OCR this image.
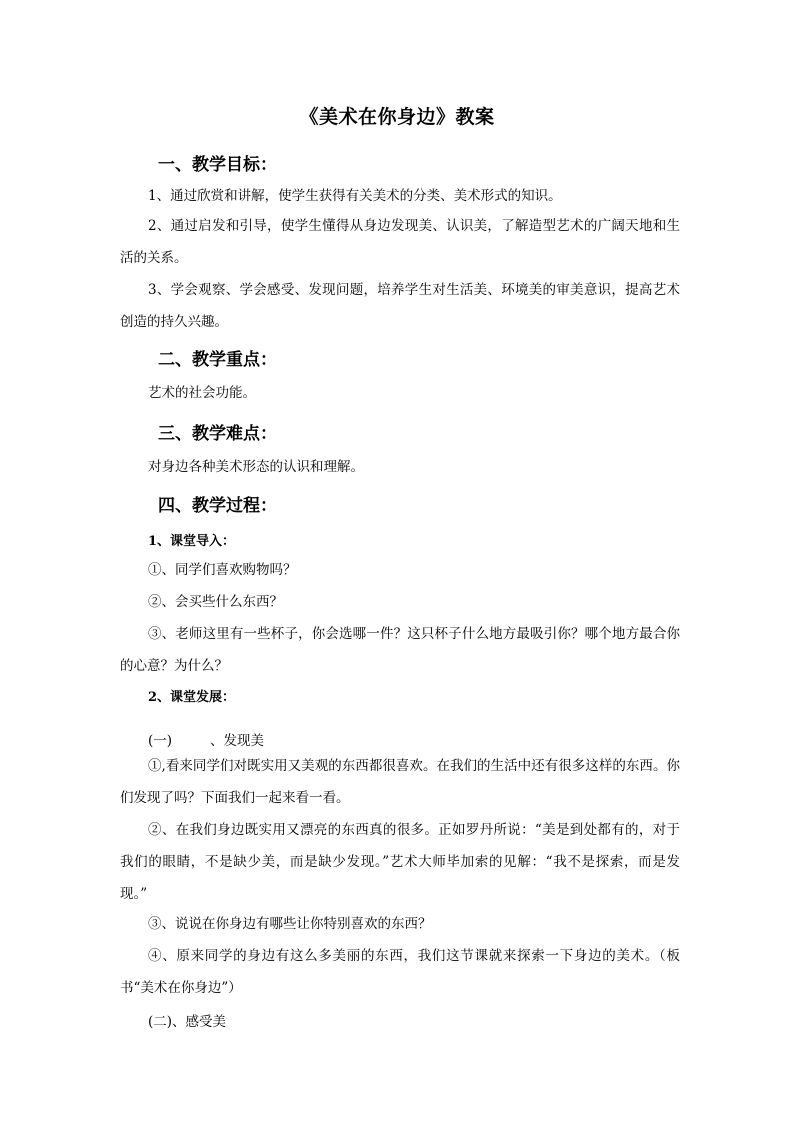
《美术在你身边》教案
一、教学目标：
1、通过欣赏和讲解，使学生获得有关美术的分类、美术形式的知识。
2、通过启发和引导，使学生懂得从身边发现美、认识美，了解造型艺术的广阔天地和生活的关系。
3、学会观察、学会感受、发现问题，培养学生对生活美、环境美的审美意识，提高艺术创造的持久兴趣。
二、教学重点：
艺术的社会功能。
三、教学难点：
对身边各种美术形态的认识和理解。
四、教学过程：
1、课堂导入：
①、同学们喜欢购物吗？
②、会买些什么东西？
③、老师这里有一些杯子，你会选哪一件？这只杯子什么地方最吸引你？哪个地方最合你的心意？为什么？
2、课堂发展：
(一)	、发现美
①,看来同学们对既实用又美观的东西都很喜欢。在我们的生活中还有很多这样的东西。你们发现了吗？下面我们一起来看一看。
②、在我们身边既实用又漂亮的东西真的很多。正如罗丹所说：“美是到处都有的，对于我们的眼睛，不是缺少美，而是缺少发现。”艺术大师毕加索的见解：“我不是探索，而是发现。”
③、说说在你身边有哪些让你特别喜欢的东西？
④、原来同学的身边有这么多美丽的东西，我们这节课就来探索一下身边的美术。（板书“美术在你身边”）
(二)、感受美
